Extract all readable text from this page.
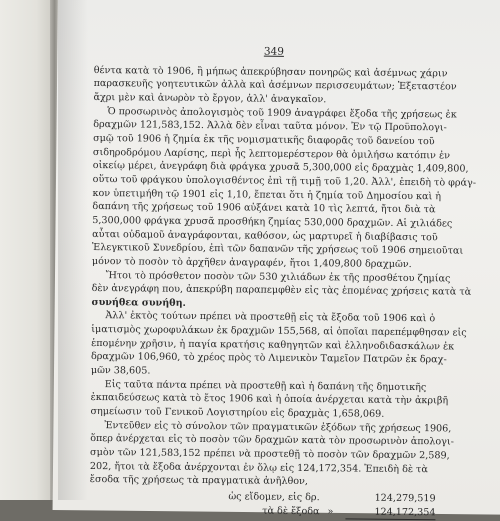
349
θέντα κατὰ τὸ 1906, ἢ μήπως ἀπεκρύβησαν πονηρῶς καὶ ἀσέμνως χάριν
παρασκευῆς γοητευτικῶν ἀλλὰ καὶ ἀσέμνων περισσευμάτων; Ἐξεταστέον
ἄχρι μὲν καὶ ἀνωρὸν τὸ ἔργον, ἀλλ' ἀναγκαῖον.
Ὁ προσωρινὸς ἀπολογισμὸς τοῦ 1909 ἀναγράφει ἔξοδα τῆς χρήσεως ἐκ
δραχμῶν 121,583,152. Ἀλλὰ δὲν εἶναι ταῦτα μόνον. Ἐν τῷ Προϋπολογι-
σμῷ τοῦ 1906 ἡ ζημία ἐκ τῆς νομισματικῆς διαφορᾶς τοῦ δανείου τοῦ
σιδηροδρόμου Λαρίσης, περὶ ἧς λεπτομερέστερον θὰ ὁμιλήσω κατόπιν ἐν
οἰκείῳ μέρει, ἀνεγράφη διὰ φράγκα χρυσᾶ 5,300,000 εἰς δραχμὰς 1,409,800,
οὕτω τοῦ φράγκου ὑπολογισθέντος ἐπὶ τῇ τιμῇ τοῦ 1,20. Ἀλλ', ἐπειδὴ τὸ φράγ-
κον ὑπετιμήθη τῷ 1901 εἰς 1,10, ἔπεται ὅτι ἡ ζημία τοῦ Δημοσίου καὶ ἡ
δαπάνη τῆς χρήσεως τοῦ 1906 αὐξάνει κατὰ 10 τὶς λεπτά, ἤτοι διὰ τὰ
5,300,000 φράγκα χρυσᾶ προσθήκη ζημίας 530,000 δραχμῶν. Αἱ χιλιάδες
αὗται οὐδαμοῦ ἀναγράφονται, καθόσον, ὡς μαρτυρεῖ ἡ διαβίβασις τοῦ
Ἐλεγκτικοῦ Συνεδρίου, ἐπὶ τῶν δαπανῶν τῆς χρήσεως τοῦ 1906 σημειοῦται
μόνον τὸ ποσὸν τὸ ἀρχῆθεν ἀναγραφέν, ἤτοι 1,409,800 δραχμῶν.
Ἤτοι τὸ πρόσθετον ποσὸν τῶν 530 χιλιάδων ἐκ τῆς προσθέτου ζημίας
δὲν ἀνεγράφη που, ἀπεκρύβη παραπεμφθὲν εἰς τὰς ἑπομένας χρήσεις κατὰ τὰ
συνήθεα συνήθη.
Ἀλλ' ἐκτὸς τούτων πρέπει νὰ προστεθῇ εἰς τὰ ἔξοδα τοῦ 1906 καὶ ὁ
ἱματισμὸς χωροφυλάκων ἐκ δραχμῶν 155,568, αἱ ὁποῖαι παρεπέμφθησαν εἰς
ἑπομένην χρῆσιν, ἡ παγία κρατήσις καθηγητῶν καὶ ἑλληνοδιδασκάλων ἐκ
δραχμῶν 106,960, τὸ χρέος πρὸς τὸ Λιμενικὸν Ταμεῖον Πατρῶν ἐκ δραχ-
μῶν 38,605.
Εἰς ταῦτα πάντα πρέπει νὰ προστεθῇ καὶ ἡ δαπάνη τῆς δημοτικῆς
ἐκπαιδεύσεως κατὰ τὸ ἔτος 1906 καὶ ἡ ὁποία ἀνέρχεται κατὰ τὴν ἀκριβῆ
σημείωσιν τοῦ Γενικοῦ Λογιστηρίου εἰς δραχμὰς 1,658,069.
Ἐντεῦθεν εἰς τὸ σύνολον τῶν πραγματικῶν ἐξόδων τῆς χρήσεως 1906,
ὅπερ ἀνέρχεται εἰς τὸ ποσὸν τῶν δραχμῶν κατὰ τὸν προσωρινὸν ἀπολογι-
σμὸν τῶν 121,583,152 πρέπει νὰ προστεθῇ τὸ ποσὸν τῶν δραχμῶν 2,589,
202, ἤτοι τὰ ἔξοδα ἀνέρχονται ἐν ὅλῳ εἰς 124,172,354. Ἐπειδὴ δὲ τὰ
ἔσοδα τῆς χρήσεως τὰ πραγματικὰ ἀνῆλθον,
ὡς εἴδομεν, εἰς δρ.	124,279,519
τὰ δὲ ἔξοδα »	124,172,354
